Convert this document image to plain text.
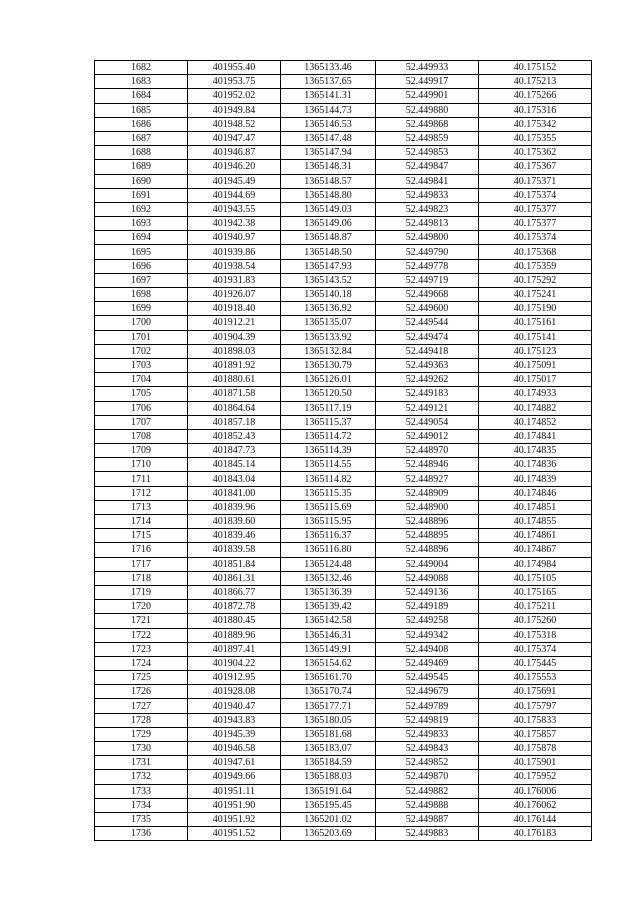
1682	401955.40	1365133.46	52.449933	40.175152
1683	401953.75	1365137.65	52.449917	40.175213
1684	401952.02	1365141.31	52.449901	40.175266
1685	401949.84	1365144.73	52.449880	40.175316
1686	401948.52	1365146.53	52.449868	40.175342
1687	401947.47	1365147.48	52.449859	40.175355
1688	401946.87	1365147.94	52.449853	40.175362
1689	401946.20	1365148.31	52.449847	40.175367
1690	401945.49	1365148.57	52.449841	40.175371
1691	401944.69	1365148.80	52.449833	40.175374
1692	401943.55	1365149.03	52.449823	40.175377
1693	401942.38	1365149.06	52.449813	40.175377
1694	401940.97	1365148.87	52.449800	40.175374
1695	401939.86	1365148.50	52.449790	40.175368
1696	401938.54	1365147.93	52.449778	40.175359
1697	401931.83	1365143.52	52.449719	40.175292
1698	401926.07	1365140.18	52.449668	40.175241
1699	401918.40	1365136.92	52.449600	40.175190
1700	401912.21	1365135.07	52.449544	40.175161
1701	401904.39	1365133.92	52.449474	40.175141
1702	401898.03	1365132.84	52.449418	40.175123
1703	401891.92	1365130.79	52.449363	40.175091
1704	401880.61	1365126.01	52.449262	40.175017
1705	401871.58	1365120.50	52.449183	40.174933
1706	401864.64	1365117.19	52.449121	40.174882
1707	401857.18	1365115.37	52.449054	40.174852
1708	401852.43	1365114.72	52.449012	40.174841
1709	401847.73	1365114.39	52.448970	40.174835
1710	401845.14	1365114.55	52.448946	40.174836
1711	401843.04	1365114.82	52.448927	40.174839
1712	401841.00	1365115.35	52.448909	40.174846
1713	401839.96	1365115.69	52.448900	40.174851
1714	401839.60	1365115.95	52.448896	40.174855
1715	401839.46	1365116.37	52.448895	40.174861
1716	401839.58	1365116.80	52.448896	40.174867
1717	401851.84	1365124.48	52.449004	40.174984
1718	401861.31	1365132.46	52.449088	40.175105
1719	401866.77	1365136.39	52.449136	40.175165
1720	401872.78	1365139.42	52.449189	40.175211
1721	401880.45	1365142.58	52.449258	40.175260
1722	401889.96	1365146.31	52.449342	40.175318
1723	401897.41	1365149.91	52.449408	40.175374
1724	401904.22	1365154.62	52.449469	40.175445
1725	401912.95	1365161.70	52.449545	40.175553
1726	401928.08	1365170.74	52.449679	40.175691
1727	401940.47	1365177.71	52.449789	40.175797
1728	401943.83	1365180.05	52.449819	40.175833
1729	401945.39	1365181.68	52.449833	40.175857
1730	401946.58	1365183.07	52.449843	40.175878
1731	401947.61	1365184.59	52.449852	40.175901
1732	401949.66	1365188.03	52.449870	40.175952
1733	401951.11	1365191.64	52.449882	40.176006
1734	401951.90	1365195.45	52.449888	40.176062
1735	401951.92	1365201.02	52.449887	40.176144
1736	401951.52	1365203.69	52.449883	40.176183
